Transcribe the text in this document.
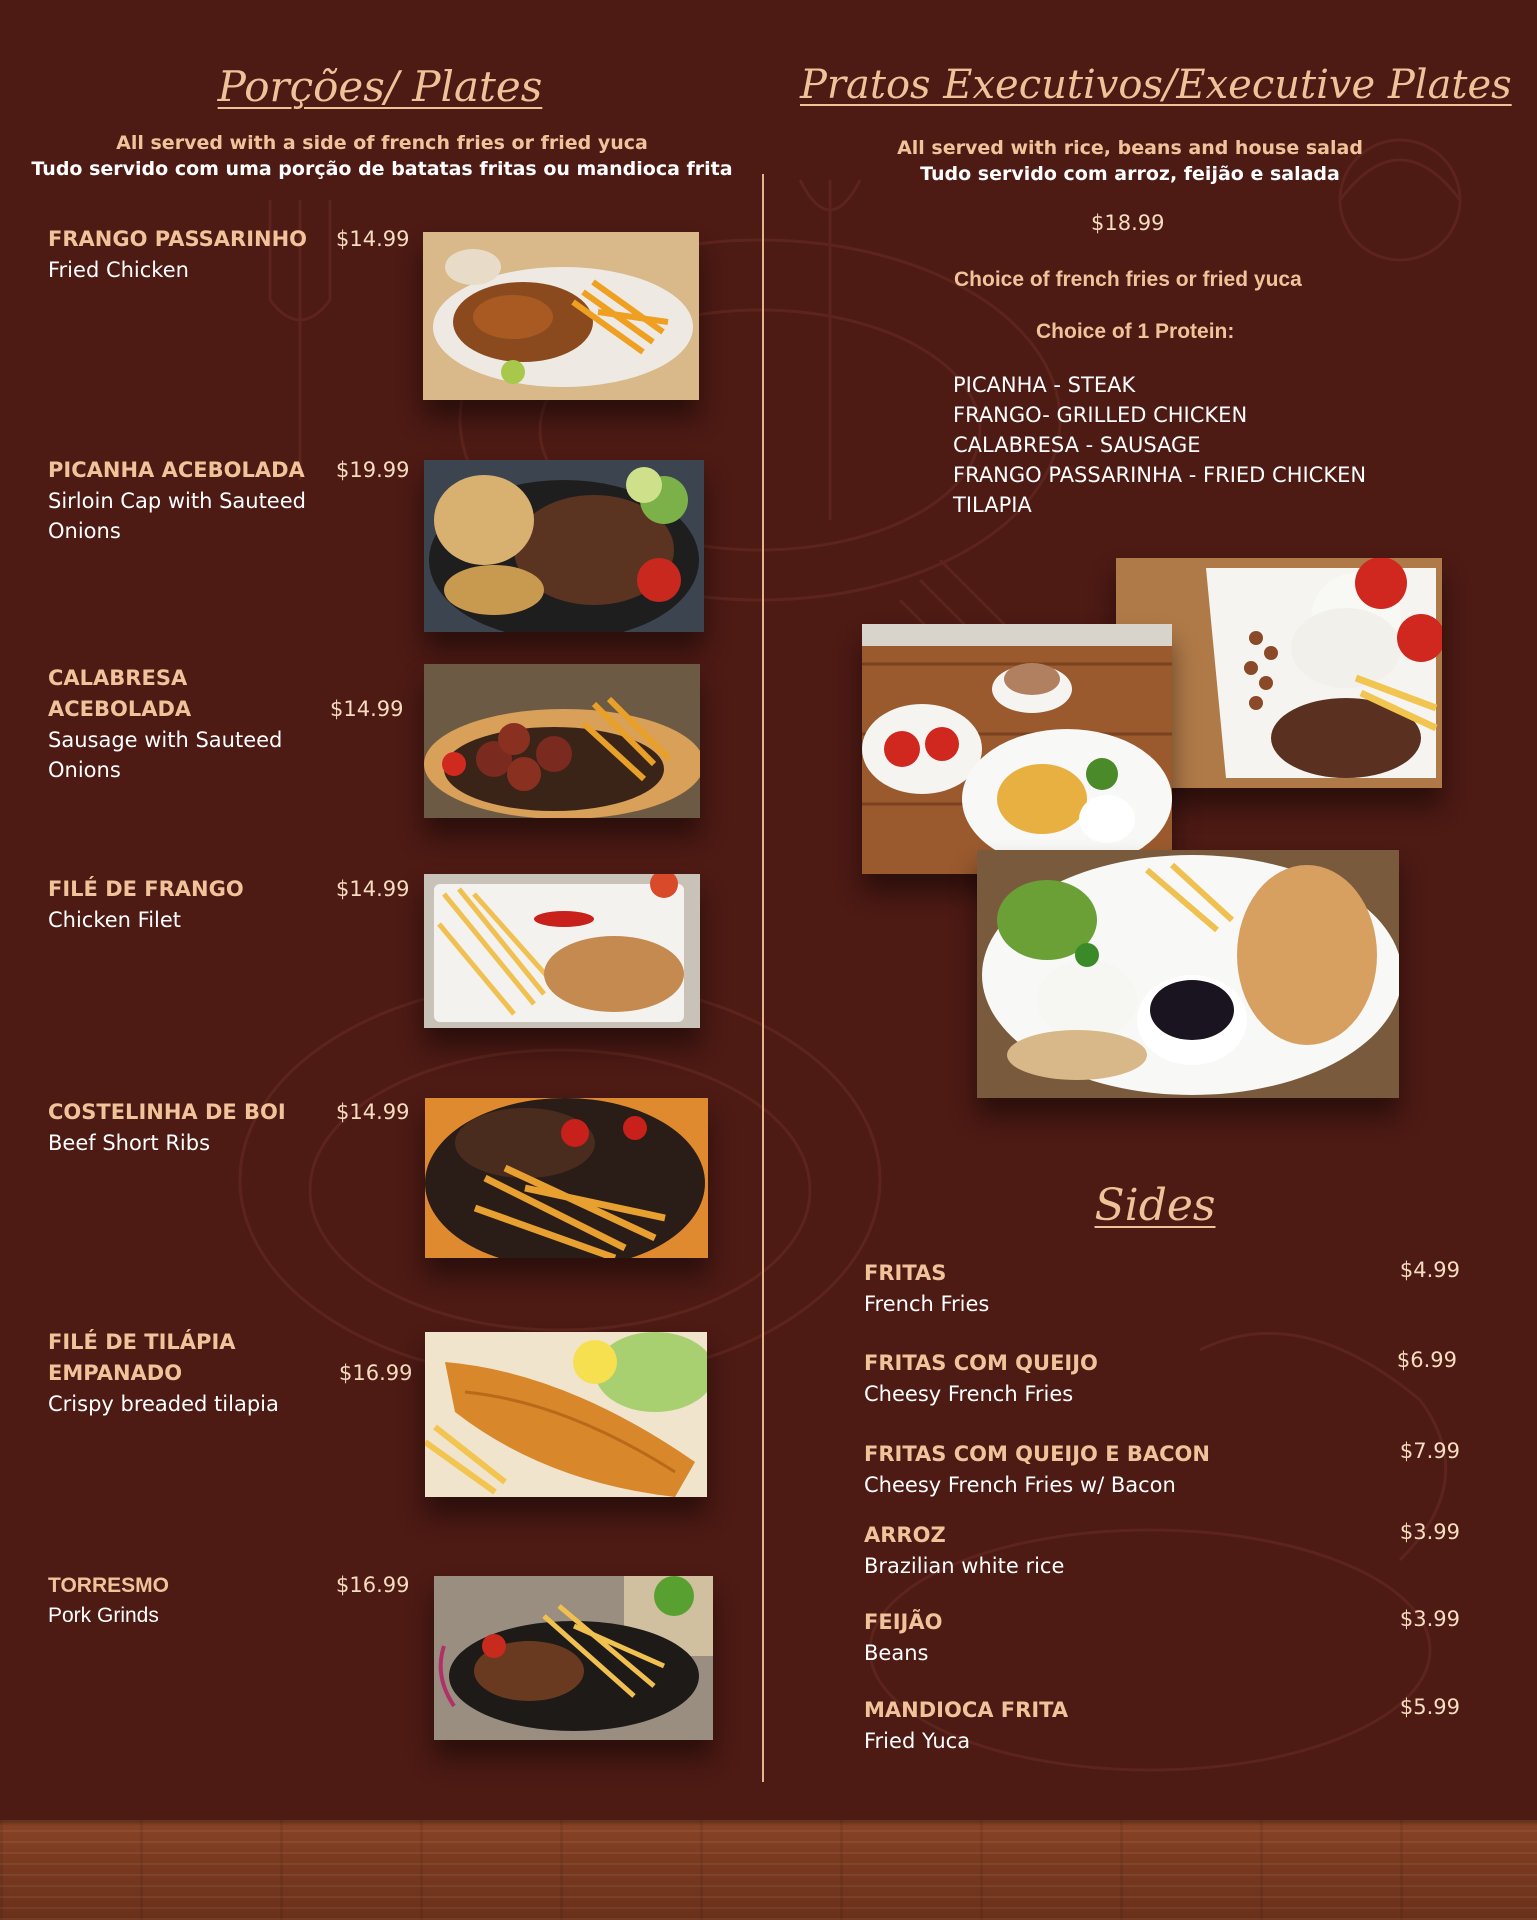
Porções/ Plates
All served with a side of french fries or fried yuca
Tudo servido com uma porção de batatas fritas ou mandioca frita
FRANGO PASSARINHO
Fried Chicken
$14.99
PICANHA ACEBOLADA
Sirloin Cap with Sauteed Onions
$19.99
CALABRESA ACEBOLADA
Sausage with Sauteed Onions
$14.99
FILÉ DE FRANGO
Chicken Filet
$14.99
COSTELINHA DE BOI
Beef Short Ribs
$14.99
FILÉ DE TILÁPIA EMPANADO
Crispy breaded tilapia
$16.99
TORRESMO
Pork Grinds
$16.99
Pratos Executivos/Executive Plates
All served with rice, beans and house salad
Tudo servido com arroz, feijão e salada
$18.99
Choice of french fries or fried yuca
Choice of 1 Protein:
PICANHA - STEAK
FRANGO- GRILLED CHICKEN
CALABRESA - SAUSAGE
FRANGO PASSARINHA - FRIED CHICKEN
TILAPIA
Sides
FRITAS
French Fries
$4.99
FRITAS COM QUEIJO
Cheesy French Fries
$6.99
FRITAS COM QUEIJO E BACON
Cheesy French Fries w/ Bacon
$7.99
ARROZ
Brazilian white rice
$3.99
FEIJÃO
Beans
$3.99
MANDIOCA FRITA
Fried Yuca
$5.99
